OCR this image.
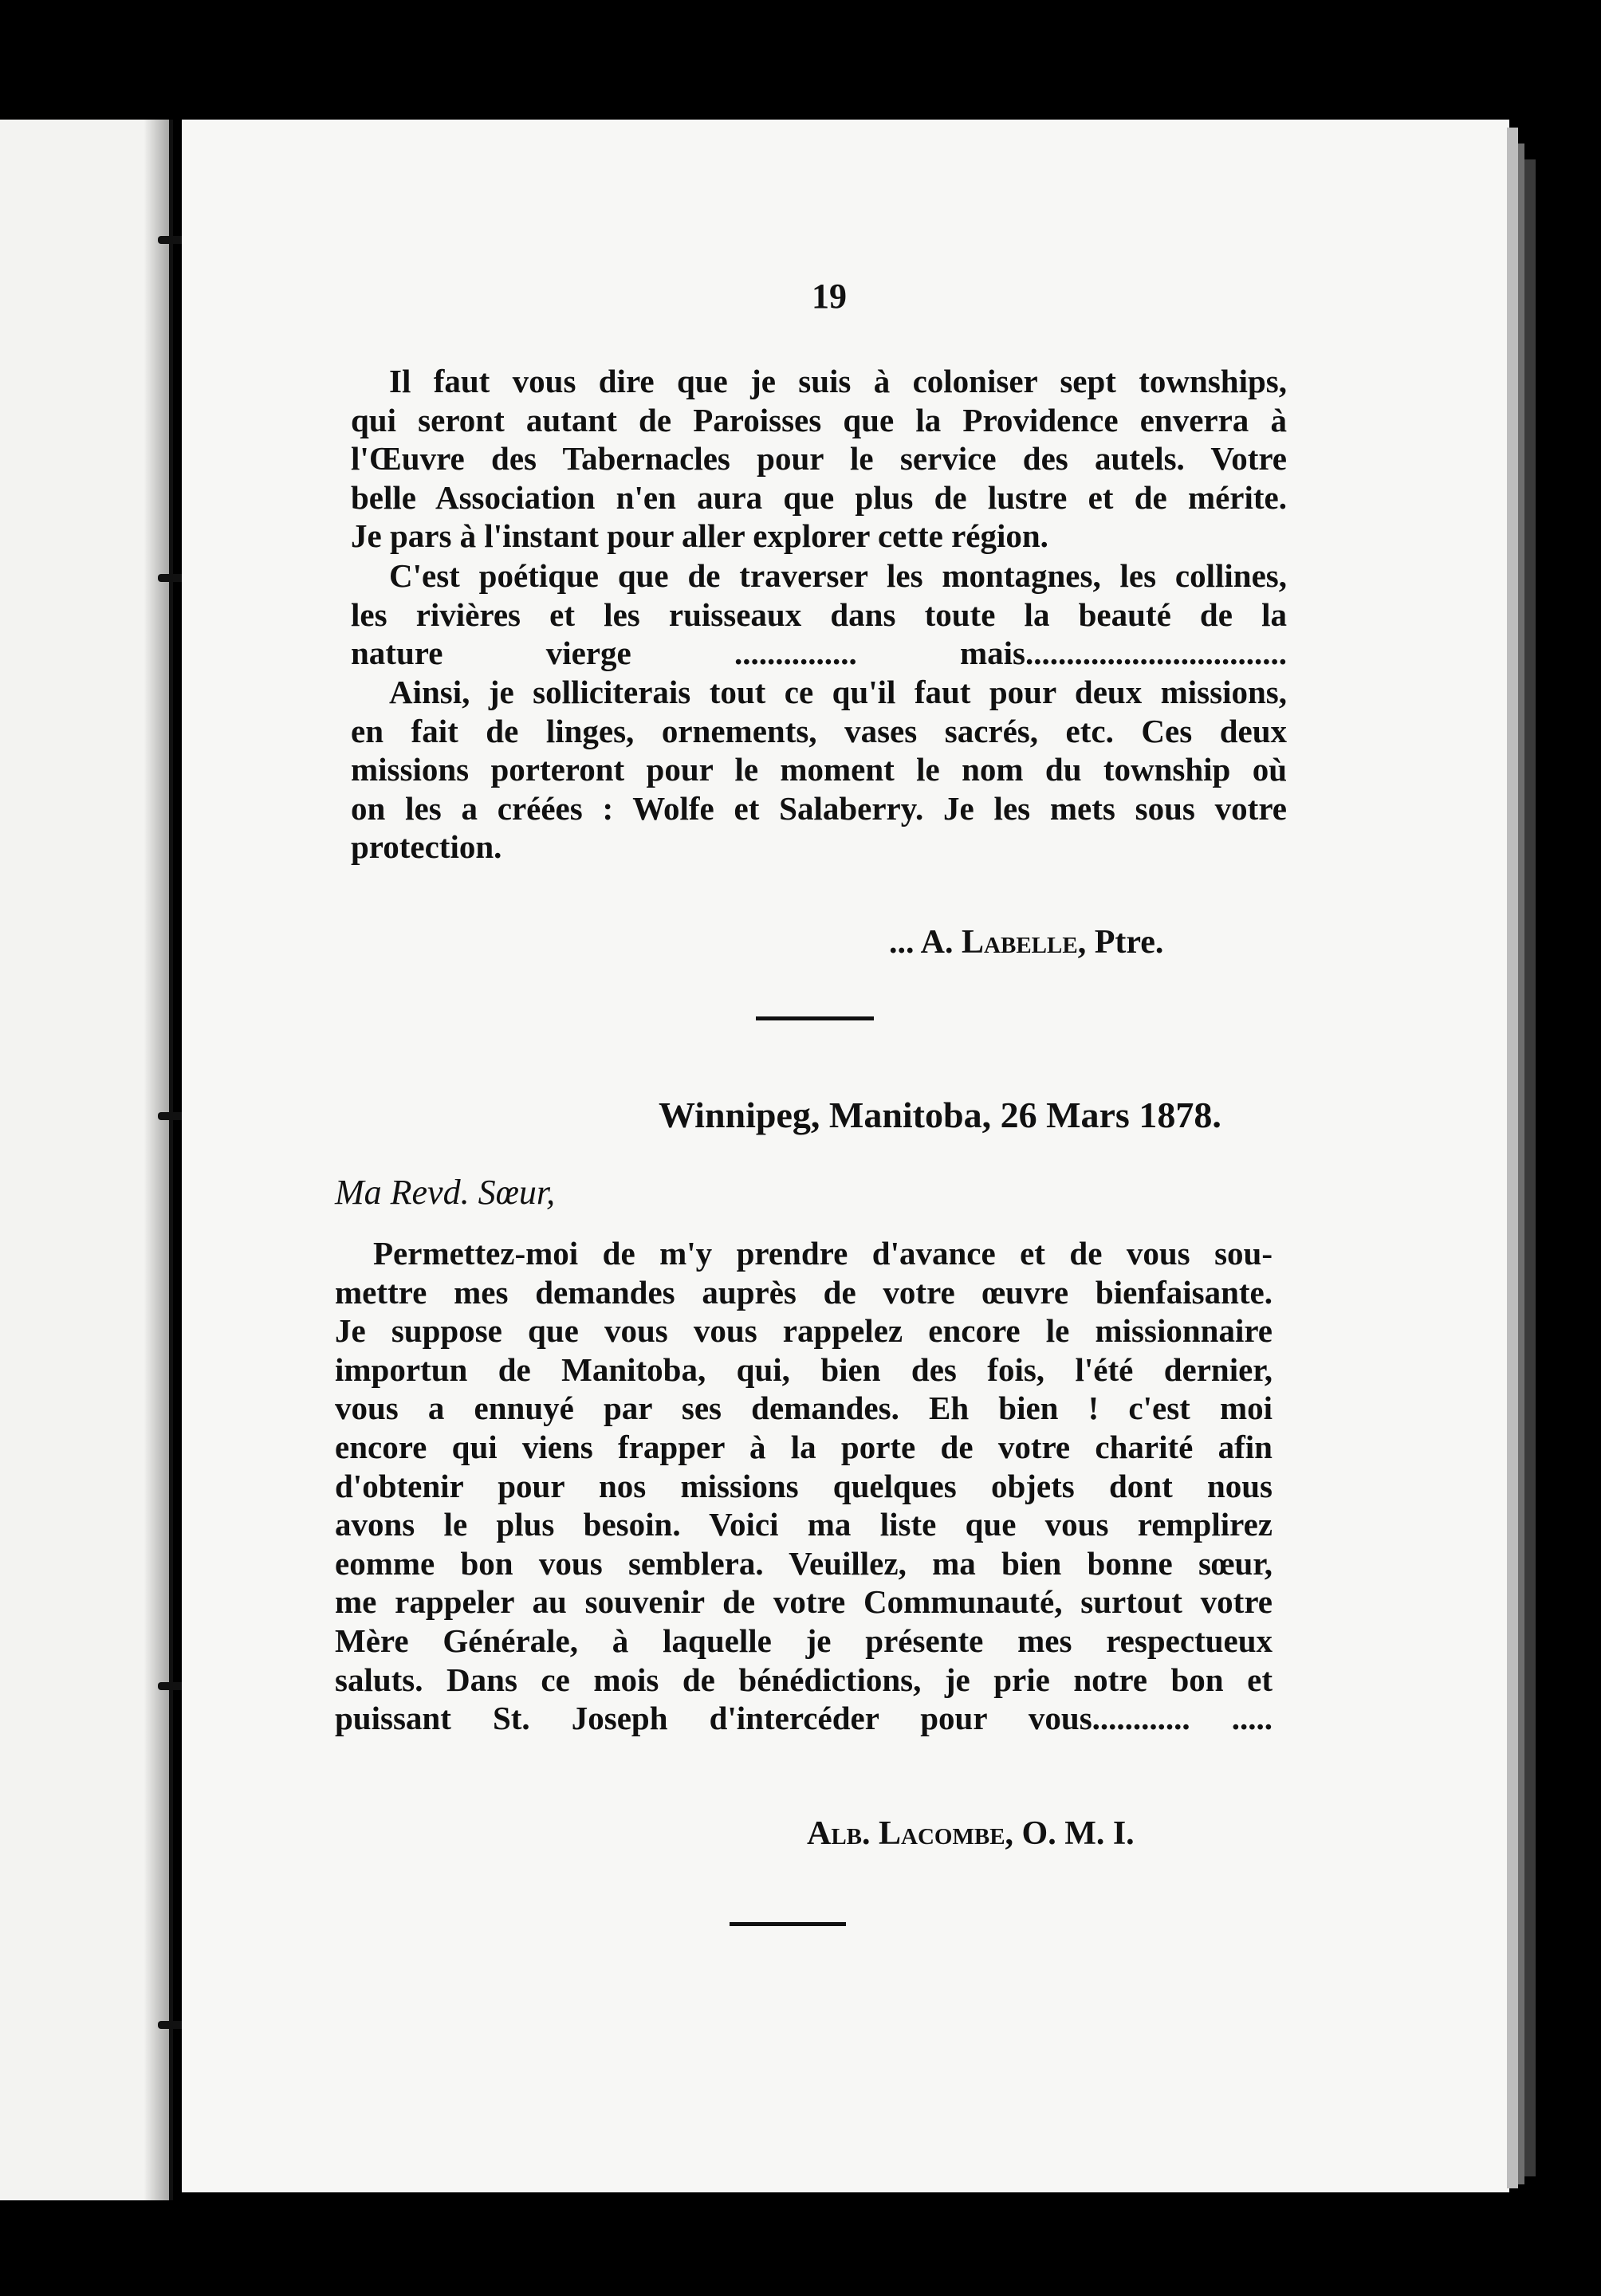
19

Il faut vous dire que je suis à coloniser sept townships,
qui seront autant de Paroisses que la Providence enverra à
l'Œuvre des Tabernacles pour le service des autels. Votre
belle Association n'en aura que plus de lustre et de mérite.
Je pars à l'instant pour aller explorer cette région.
C'est poétique que de traverser les montagnes, les collines,
les rivières et les ruisseaux dans toute la beauté de la
nature vierge ............... mais................................
Ainsi, je solliciterais tout ce qu'il faut pour deux missions,
en fait de linges, ornements, vases sacrés, etc. Ces deux
missions porteront pour le moment le nom du township où
on les a créées : Wolfe et Salaberry. Je les mets sous votre
protection.

... A. Labelle, Ptre.

Winnipeg, Manitoba, 26 Mars 1878.

Ma Revd. Sœur,

Permettez-moi de m'y prendre d'avance et de vous sou-
mettre mes demandes auprès de votre œuvre bienfaisante.
Je suppose que vous vous rappelez encore le missionnaire
importun de Manitoba, qui, bien des fois, l'été dernier,
vous a ennuyé par ses demandes. Eh bien ! c'est moi
encore qui viens frapper à la porte de votre charité afin
d'obtenir pour nos missions quelques objets dont nous
avons le plus besoin. Voici ma liste que vous remplirez
eomme bon vous semblera. Veuillez, ma bien bonne sœur,
me rappeler au souvenir de votre Communauté, surtout votre
Mère Générale, à laquelle je présente mes respectueux
saluts. Dans ce mois de bénédictions, je prie notre bon et
puissant St. Joseph d'intercéder pour vous............ .....

Alb. Lacombe, O. M. I.
